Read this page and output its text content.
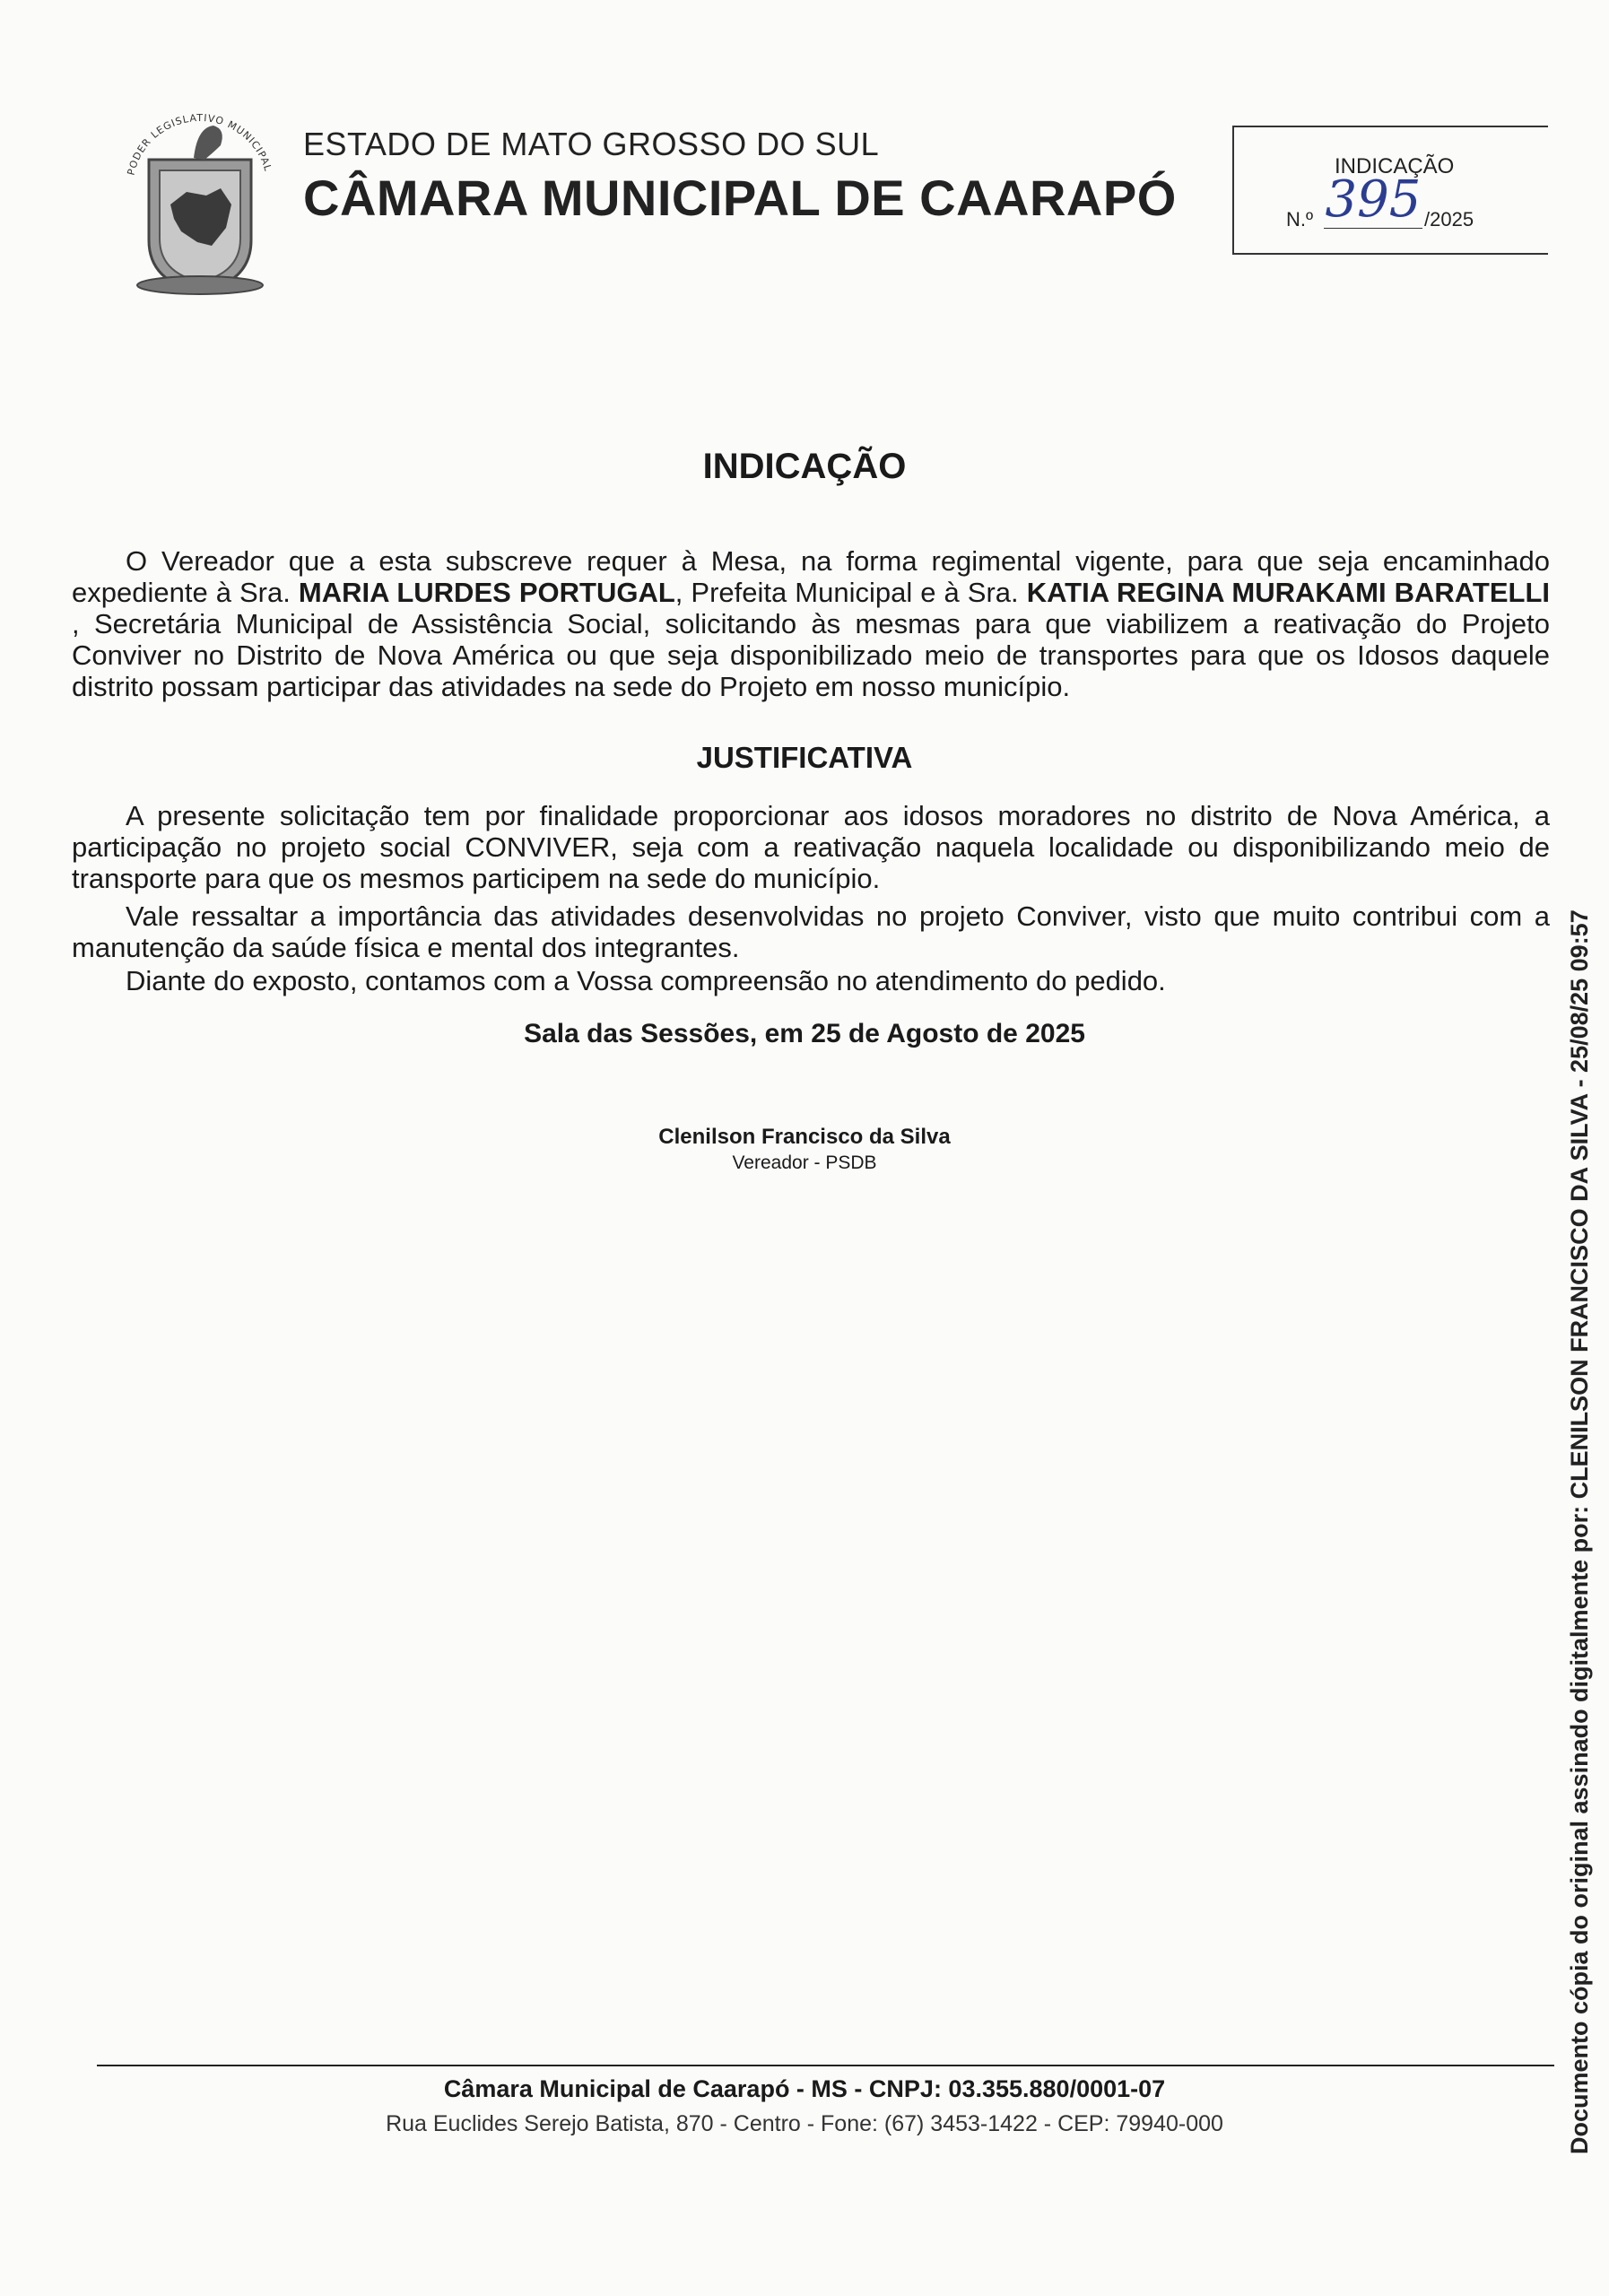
PODER LEGISLATIVO MUNICIPAL
ESTADO DE MATO GROSSO DO SUL
CÂMARA MUNICIPAL DE CAARAPÓ
INDICAÇÃO
N.º 395 /2025
INDICAÇÃO
O Vereador que a esta subscreve requer à Mesa, na forma regimental vigente, para que seja encaminhado expediente à Sra. MARIA LURDES PORTUGAL, Prefeita Municipal e à Sra. KATIA REGINA MURAKAMI BARATELLI , Secretária Municipal de Assistência Social, solicitando às mesmas para que viabilizem a reativação do Projeto Conviver no Distrito de Nova América ou que seja disponibilizado meio de transportes para que os Idosos daquele distrito possam participar das atividades na sede do Projeto em nosso município.
JUSTIFICATIVA
A presente solicitação tem por finalidade proporcionar aos idosos moradores no distrito de Nova América, a participação no projeto social CONVIVER, seja com a reativação naquela localidade ou disponibilizando meio de transporte para que os mesmos participem na sede do município.
Vale ressaltar a importância das atividades desenvolvidas no projeto Conviver, visto que muito contribui com a manutenção da saúde física e mental dos integrantes.
Diante do exposto, contamos com a Vossa compreensão no atendimento do pedido.
Sala das Sessões, em 25 de Agosto de 2025
Clenilson Francisco da Silva
Vereador - PSDB
Câmara Municipal de Caarapó - MS - CNPJ: 03.355.880/0001-07
Rua Euclides Serejo Batista, 870 - Centro - Fone: (67) 3453-1422 - CEP: 79940-000	Documento cópia do original assinado digitalmente por: CLENILSON FRANCISCO DA SILVA - 25/08/25 09:57
